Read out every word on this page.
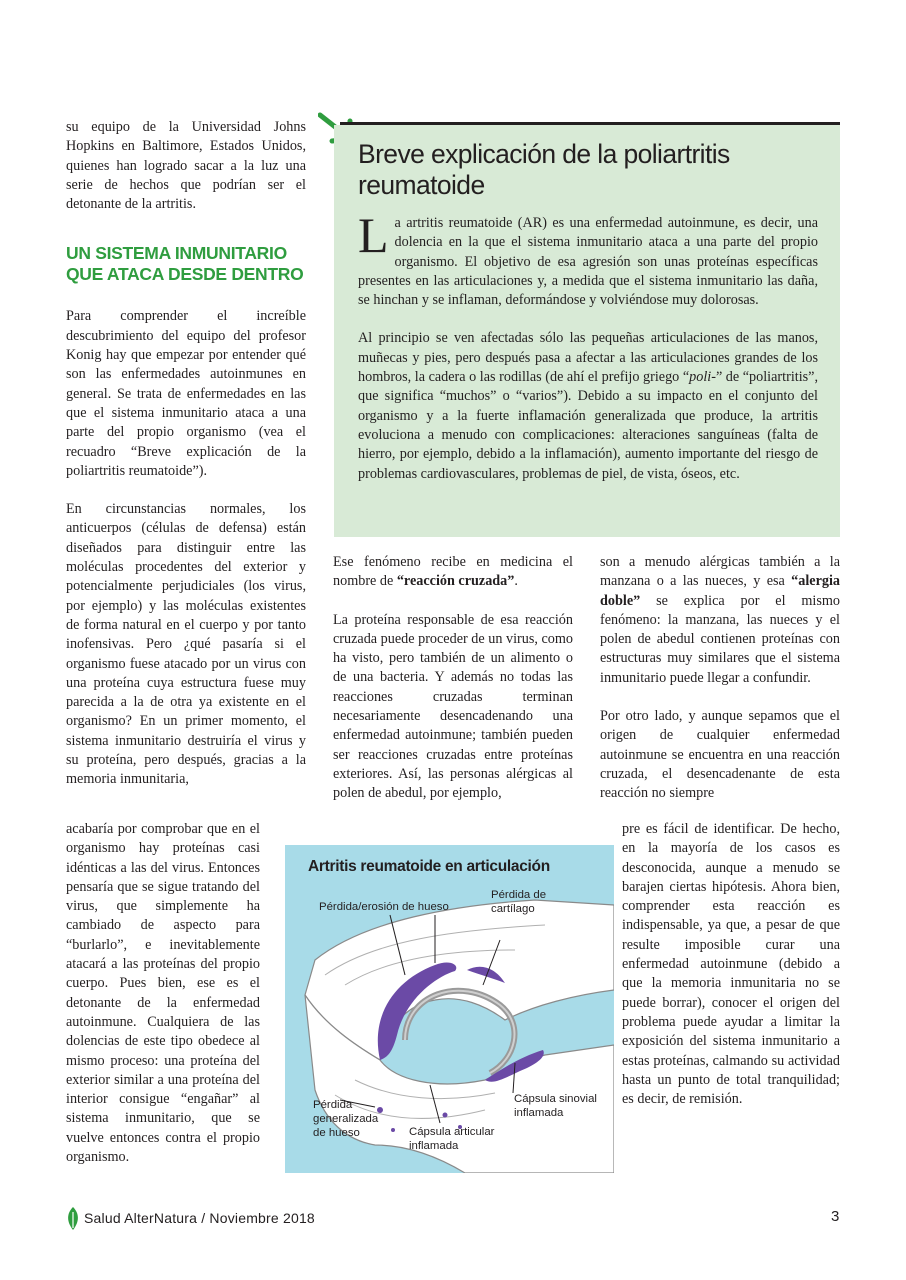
su equipo de la Universidad Johns Hopkins en Baltimore, Estados Unidos, quienes han logrado sacar a la luz una serie de hechos que podrían ser el detonante de la artritis.

UN SISTEMA INMUNITARIO QUE ATACA DESDE DENTRO

Para comprender el increíble descubrimiento del equipo del profesor Konig hay que empezar por entender qué son las enfermedades autoinmunes en general. Se trata de enfermedades en las que el sistema inmunitario ataca a una parte del propio organismo (vea el recuadro “Breve explicación de la poliartritis reumatoide”).

En circunstancias normales, los anticuerpos (células de defensa) están diseñados para distinguir entre las moléculas procedentes del exterior y potencialmente perjudiciales (los virus, por ejemplo) y las moléculas existentes de forma natural en el cuerpo y por tanto inofensivas. Pero ¿qué pasaría si el organismo fuese atacado por un virus con una proteína cuya estructura fuese muy parecida a la de otra ya existente en el organismo? En un primer momento, el sistema inmunitario destruiría el virus y su proteína, pero después, gracias a la memoria inmunitaria,

acabaría por comprobar que en el organismo hay proteínas casi idénticas a las del virus. Entonces pensaría que se sigue tratando del virus, que simplemente ha cambiado de aspecto para “burlarlo”, e inevitablemente atacará a las proteínas del propio cuerpo. Pues bien, ese es el detonante de la enfermedad autoinmune. Cualquiera de las dolencias de este tipo obedece al mismo proceso: una proteína del exterior similar a una proteína del interior consigue “engañar” al sistema inmunitario, que se vuelve entonces contra el propio organismo.

Breve explicación de la poliartritis reumatoide

La artritis reumatoide (AR) es una enfermedad autoinmune, es decir, una dolencia en la que el sistema inmunitario ataca a una parte del propio organismo. El objetivo de esa agresión son unas proteínas específicas presentes en las articulaciones y, a medida que el sistema inmunitario las daña, se hinchan y se inflaman, deformándose y volviéndose muy dolorosas.

Al principio se ven afectadas sólo las pequeñas articulaciones de las manos, muñecas y pies, pero después pasa a afectar a las articulaciones grandes de los hombros, la cadera o las rodillas (de ahí el prefijo griego “poli-” de “poliartritis”, que significa “muchos” o “varios”). Debido a su impacto en el conjunto del organismo y a la fuerte inflamación generalizada que produce, la artritis evoluciona a menudo con complicaciones: alteraciones sanguíneas (falta de hierro, por ejemplo, debido a la inflamación), aumento importante del riesgo de problemas cardiovasculares, problemas de piel, de vista, óseos, etc.

Ese fenómeno recibe en medicina el nombre de “reacción cruzada”.

La proteína responsable de esa reacción cruzada puede proceder de un virus, como ha visto, pero también de un alimento o de una bacteria. Y además no todas las reacciones cruzadas terminan necesariamente desencadenando una enfermedad autoinmune; también pueden ser reacciones cruzadas entre proteínas exteriores. Así, las personas alérgicas al polen de abedul, por ejemplo,

son a menudo alérgicas también a la manzana o a las nueces, y esa “alergia doble” se explica por el mismo fenómeno: la manzana, las nueces y el polen de abedul contienen proteínas con estructuras muy similares que el sistema inmunitario puede llegar a confundir.

Por otro lado, y aunque sepamos que el origen de cualquier enfermedad autoinmune se encuentra en una reacción cruzada, el desencadenante de esta reacción no siempre

pre es fácil de identificar. De hecho, en la mayoría de los casos es desconocida, aunque a menudo se barajen ciertas hipótesis. Ahora bien, comprender esta reacción es indispensable, ya que, a pesar de que resulte imposible curar una enfermedad autoinmune (debido a que la memoria inmunitaria no se puede borrar), conocer el origen del problema puede ayudar a limitar la exposición del sistema inmunitario a estas proteínas, calmando su actividad hasta un punto de total tranquilidad; es decir, de remisión.

Artritis reumatoide en articulación
Pérdida/erosión de hueso
Pérdida de
cartílago
Pérdida
generalizada
de hueso
Cápsula sinovial
inflamada
Cápsula articular
inflamada
Salud AlterNatura / Noviembre 2018	3
